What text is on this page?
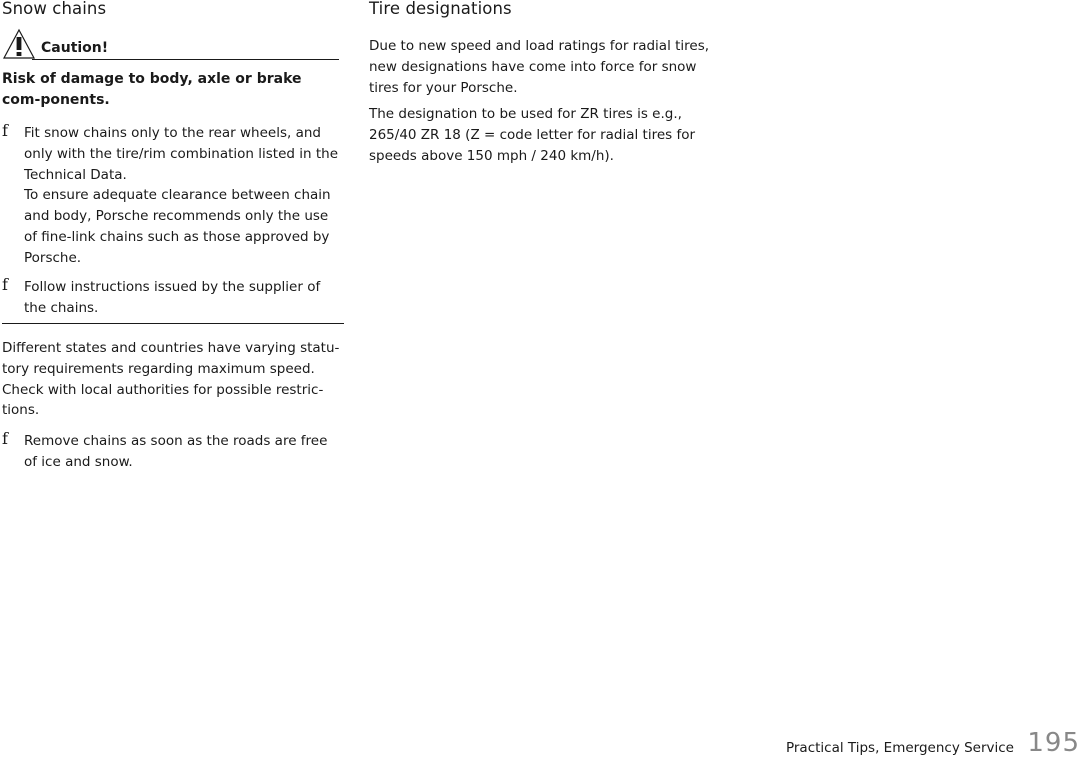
Snow chains
Caution!

Risk of damage to body, axle or brake com-ponents.

f Fit snow chains only to the rear wheels, and only with the tire/rim combination listed in the Technical Data.
To ensure adequate clearance between chain and body, Porsche recommends only the use of fine-link chains such as those approved by Porsche.
f Follow instructions issued by the supplier of the chains.

Different states and countries have varying statu-tory requirements regarding maximum speed. Check with local authorities for possible restric-tions.

f Remove chains as soon as the roads are free of ice and snow.
Tire designations

Due to new speed and load ratings for radial tires, new designations have come into force for snow tires for your Porsche.

The designation to be used for ZR tires is e.g., 265/40 ZR 18 (Z = code letter for radial tires for speeds above 150 mph / 240 km/h).

Practical Tips, Emergency Service 195
